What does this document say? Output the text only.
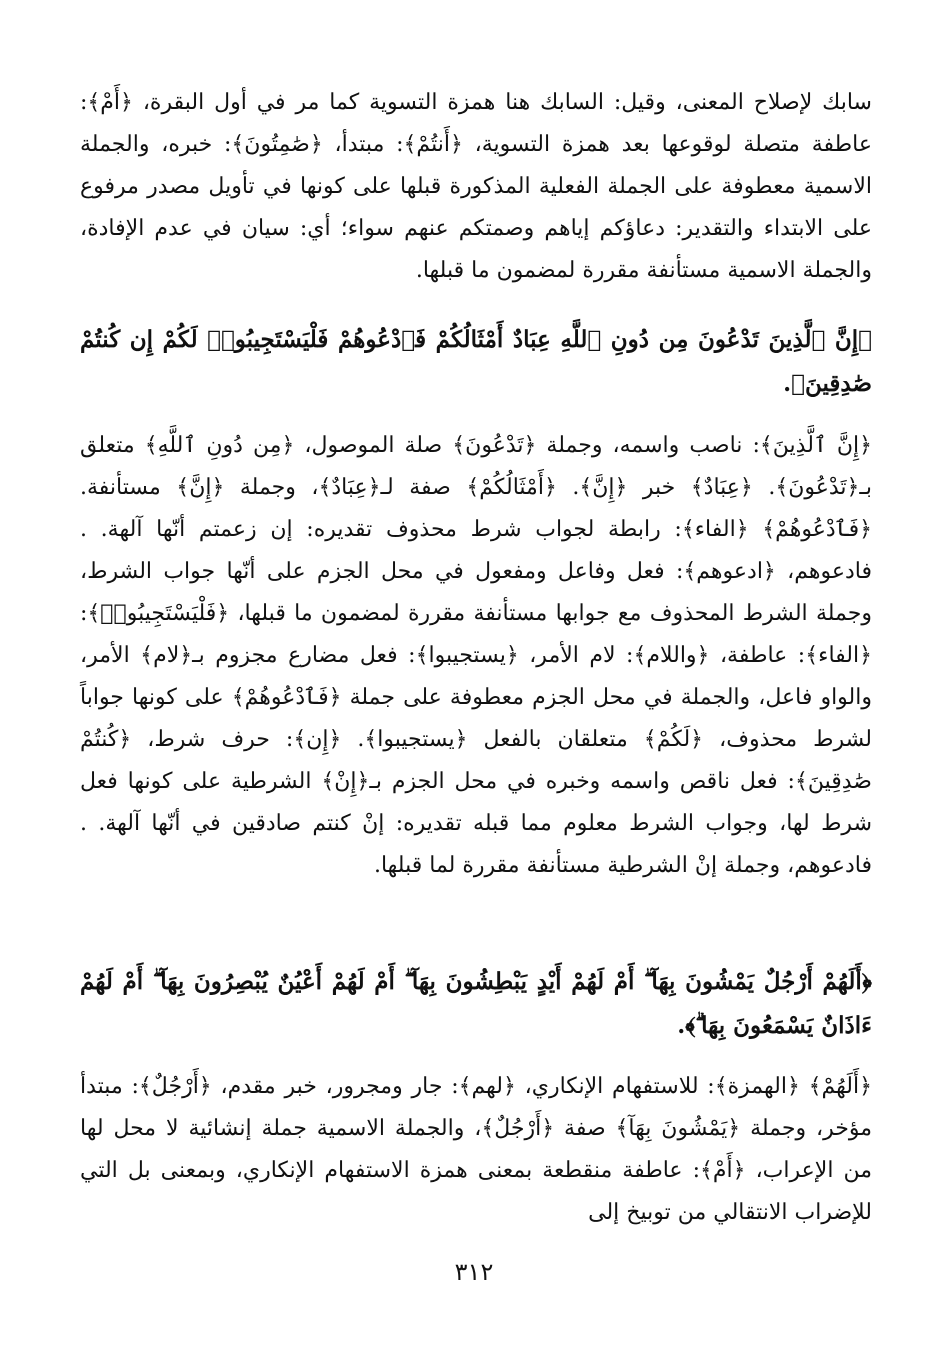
سابك لإصلاح المعنى، وقيل: السابك هنا همزة التسوية كما مر في أول البقرة، ﴿أَمْ﴾: عاطفة متصلة لوقوعها بعد همزة التسوية، ﴿أَنتُمْ﴾: مبتدأ، ﴿صَٰمِتُونَ﴾: خبره، والجملة الاسمية معطوفة على الجملة الفعلية المذكورة قبلها على كونها في تأويل مصدر مرفوع على الابتداء والتقدير: دعاؤكم إياهم وصمتكم عنهم سواء؛ أي: سيان في عدم الإفادة، والجملة الاسمية مستأنفة مقررة لمضمون ما قبلها.

﴿إِنَّ ٱلَّذِينَ تَدْعُونَ مِن دُونِ ٱللَّهِ عِبَادٌ أَمْثَالُكُمْ فَٱدْعُوهُمْ فَلْيَسْتَجِيبُوا۟ لَكُمْ إِن كُنتُمْ صَٰدِقِينَ﴾.

﴿إِنَّ ٱلَّذِينَ﴾: ناصب واسمه، وجملة ﴿تَدْعُونَ﴾ صلة الموصول، ﴿مِن دُونِ ٱللَّهِ﴾ متعلق بـ﴿تَدْعُونَ﴾. ﴿عِبَادٌ﴾ خبر ﴿إِنَّ﴾. ﴿أَمْثَالُكُمْ﴾ صفة لـ﴿عِبَادٌ﴾، وجملة ﴿إِنَّ﴾ مستأنفة. ﴿فَٱدْعُوهُمْ﴾ ﴿الفاء﴾: رابطة لجواب شرط محذوف تقديره: إن زعمتم أنّها آلهة. . فادعوهم، ﴿ادعوهم﴾: فعل وفاعل ومفعول في محل الجزم على أنّها جواب الشرط، وجملة الشرط المحذوف مع جوابها مستأنفة مقررة لمضمون ما قبلها، ﴿فَلْيَسْتَجِيبُوا۟﴾: ﴿الفاء﴾: عاطفة، ﴿واللام﴾: لام الأمر، ﴿يستجيبوا﴾: فعل مضارع مجزوم بـ﴿لام﴾ الأمر، والواو فاعل، والجملة في محل الجزم معطوفة على جملة ﴿فَٱدْعُوهُمْ﴾ على كونها جواباً لشرط محذوف، ﴿لَكُمْ﴾ متعلقان بالفعل ﴿يستجيبوا﴾. ﴿إِن﴾: حرف شرط، ﴿كُنتُمْ صَٰدِقِينَ﴾: فعل ناقص واسمه وخبره في محل الجزم بـ﴿إِنْ﴾ الشرطية على كونها فعل شرط لها، وجواب الشرط معلوم مما قبله تقديره: إنْ كنتم صادقين في أنّها آلهة. . فادعوهم، وجملة إنْ الشرطية مستأنفة مقررة لما قبلها.

﴿أَلَهُمْ أَرْجُلٌ يَمْشُونَ بِهَآ ۖ أَمْ لَهُمْ أَيْدٍ يَبْطِشُونَ بِهَآ ۖ أَمْ لَهُمْ أَعْيُنٌ يُبْصِرُونَ بِهَآ ۖ أَمْ لَهُمْ ءَاذَانٌ يَسْمَعُونَ بِهَا ۗ﴾.

﴿أَلَهُمْ﴾ ﴿الهمزة﴾: للاستفهام الإنكاري، ﴿لهم﴾: جار ومجرور، خبر مقدم، ﴿أَرْجُلٌ﴾: مبتدأ مؤخر، وجملة ﴿يَمْشُونَ بِهَآ﴾ صفة ﴿أَرْجُلٌ﴾، والجملة الاسمية جملة إنشائية لا محل لها من الإعراب، ﴿أَمْ﴾: عاطفة منقطعة بمعنى همزة الاستفهام الإنكاري، وبمعنى بل التي للإضراب الانتقالي من توبيخ إلى

٣١٢
